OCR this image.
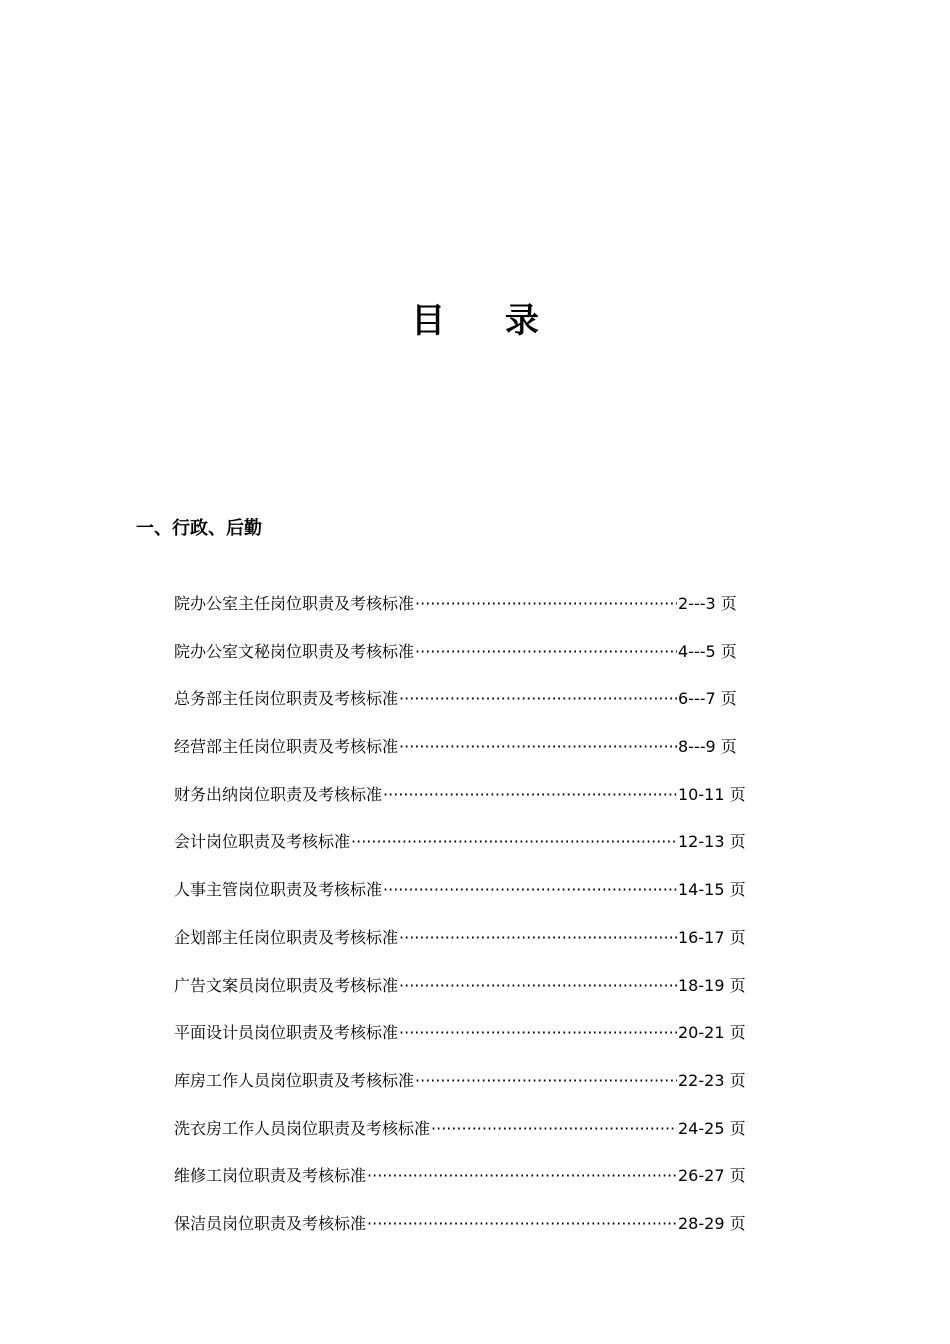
目 录
一、行政、后勤
院办公室主任岗位职责及考核标准 ·····	2---3 页
院办公室文秘岗位职责及考核标准 ·····	4---5 页
总务部主任岗位职责及考核标准 ·····	6---7 页
经营部主任岗位职责及考核标准 ·····	8---9 页
财务出纳岗位职责及考核标准 ·····	10-11 页
会计岗位职责及考核标准 ·····	12-13 页
人事主管岗位职责及考核标准 ·····	14-15 页
企划部主任岗位职责及考核标准 ·····	16-17 页
广告文案员岗位职责及考核标准 ·····	18-19 页
平面设计员岗位职责及考核标准 ·····	20-21 页
库房工作人员岗位职责及考核标准 ·····	22-23 页
洗衣房工作人员岗位职责及考核标准 ·····	24-25 页
维修工岗位职责及考核标准 ·····	26-27 页
保洁员岗位职责及考核标准 ·····	28-29 页
